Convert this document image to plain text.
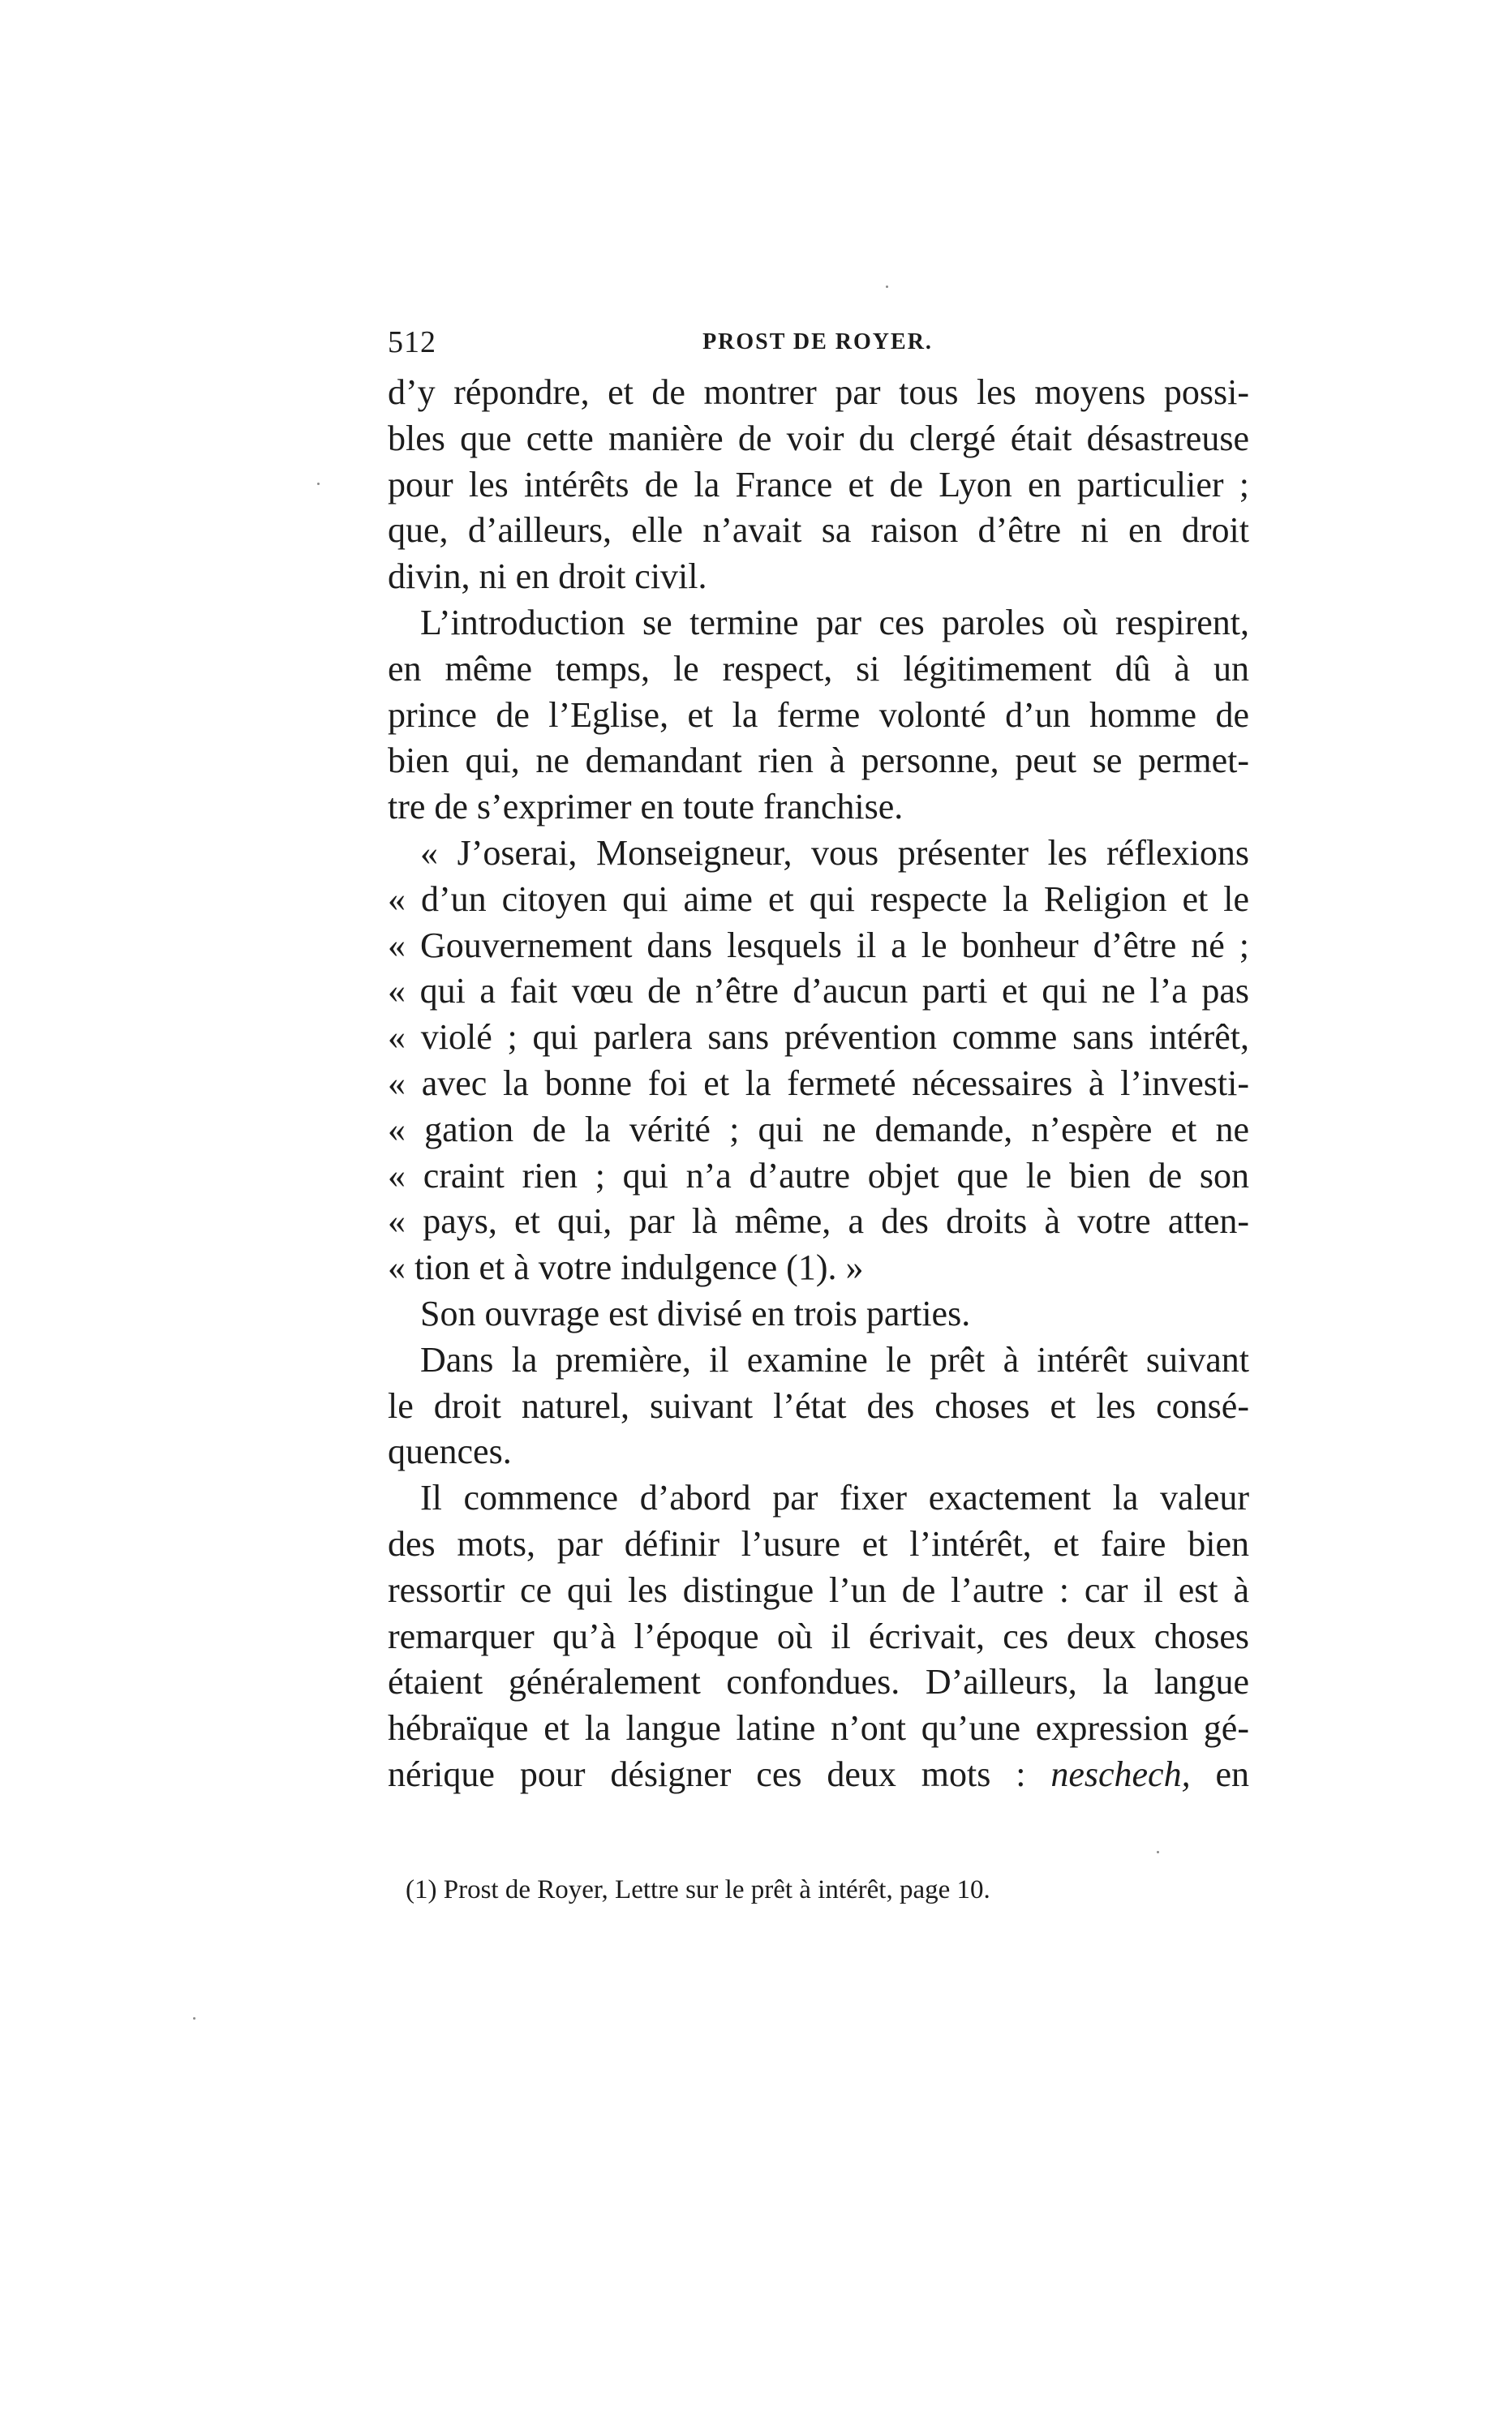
512	PROST DE ROYER.
d’y répondre, et de montrer par tous les moyens possi-
bles que cette manière de voir du clergé était désastreuse
pour les intérêts de la France et de Lyon en particulier ;
que, d’ailleurs, elle n’avait sa raison d’être ni en droit
divin, ni en droit civil.
L’introduction se termine par ces paroles où respirent,
en même temps, le respect, si légitimement dû à un
prince de l’Eglise, et la ferme volonté d’un homme de
bien qui, ne demandant rien à personne, peut se permet-
tre de s’exprimer en toute franchise.
« J’oserai, Monseigneur, vous présenter les réflexions
« d’un citoyen qui aime et qui respecte la Religion et le
« Gouvernement dans lesquels il a le bonheur d’être né ;
« qui a fait vœu de n’être d’aucun parti et qui ne l’a pas
« violé ; qui parlera sans prévention comme sans intérêt,
« avec la bonne foi et la fermeté nécessaires à l’investi-
« gation de la vérité ; qui ne demande, n’espère et ne
« craint rien ; qui n’a d’autre objet que le bien de son
« pays, et qui, par là même, a des droits à votre atten-
« tion et à votre indulgence (1). »
Son ouvrage est divisé en trois parties.
Dans la première, il examine le prêt à intérêt suivant
le droit naturel, suivant l’état des choses et les consé-
quences.
Il commence d’abord par fixer exactement la valeur
des mots, par définir l’usure et l’intérêt, et faire bien
ressortir ce qui les distingue l’un de l’autre : car il est à
remarquer qu’à l’époque où il écrivait, ces deux choses
étaient généralement confondues. D’ailleurs, la langue
hébraïque et la langue latine n’ont qu’une expression gé-
nérique pour désigner ces deux mots : neschech, en
(1) Prost de Royer, Lettre sur le prêt à intérêt, page 10.
